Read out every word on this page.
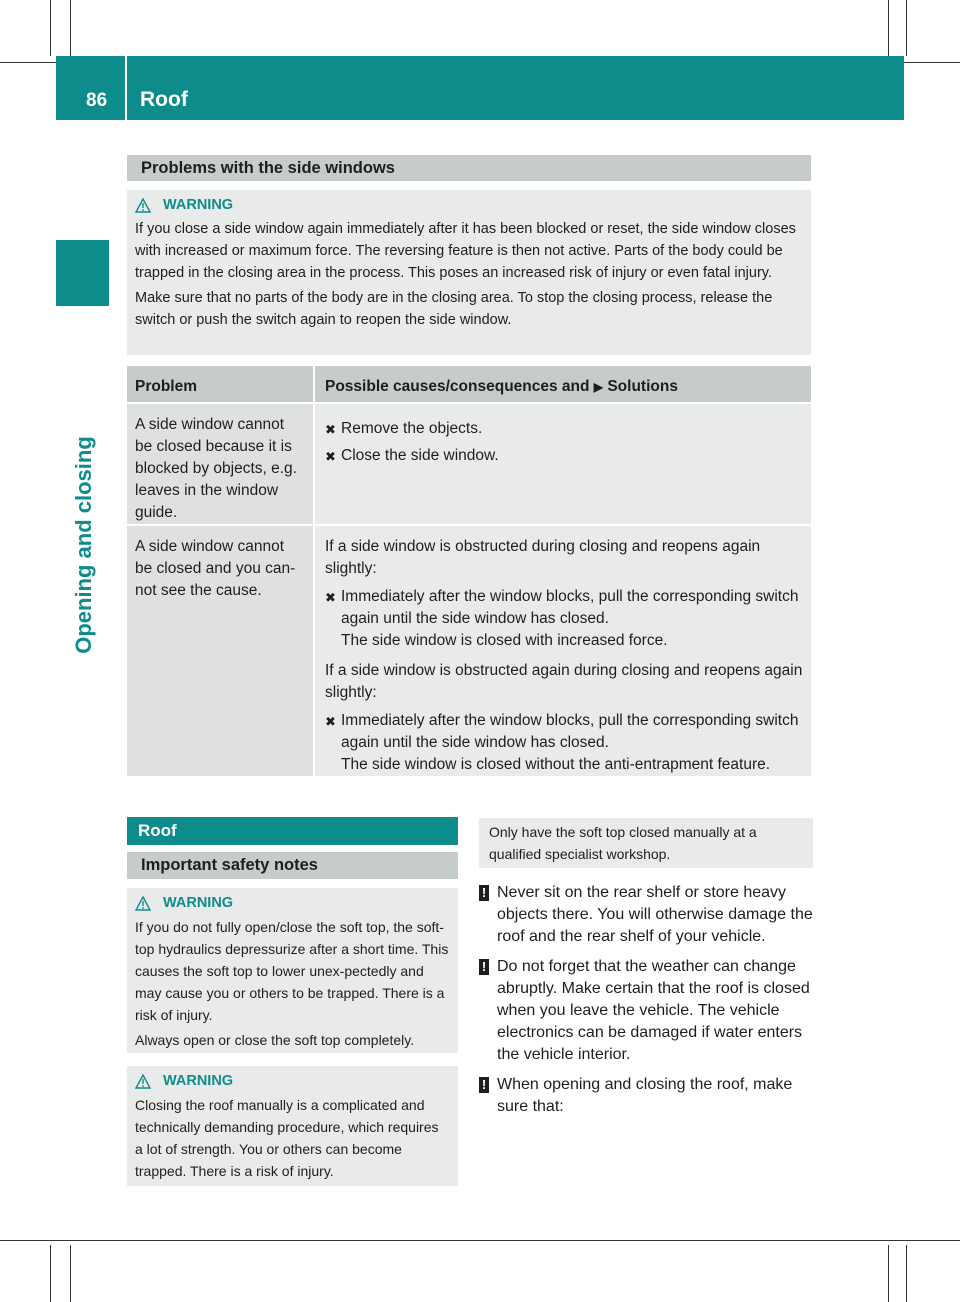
86 Roof
Opening and closing
Problems with the side windows
WARNING

If you close a side window again immediately after it has been blocked or reset, the side window closes with increased or maximum force. The reversing feature is then not active. Parts of the body could be trapped in the closing area in the process. This poses an increased risk of injury or even fatal injury.

Make sure that no parts of the body are in the closing area. To stop the closing process, release the switch or push the switch again to reopen the side window.

Problem	Possible causes/consequences and ▶ Solutions
A side window cannot be closed because it is blocked by objects, e.g. leaves in the window guide.
✖ Remove the objects.
✖ Close the side window.
A side window cannot be closed and you can-not see the cause.

If a side window is obstructed during closing and reopens again slightly:

✖ Immediately after the window blocks, pull the corresponding switch again until the side window has closed.
The side window is closed with increased force.

If a side window is obstructed again during closing and reopens again slightly:

✖ Immediately after the window blocks, pull the corresponding switch again until the side window has closed.
The side window is closed without the anti-entrapment feature.
Roof
Important safety notes
WARNING

If you do not fully open/close the soft top, the soft-top hydraulics depressurize after a short time. This causes the soft top to lower unex-pectedly and may cause you or others to be trapped. There is a risk of injury.

Always open or close the soft top completely.

WARNING

Closing the roof manually is a complicated and technically demanding procedure, which requires a lot of strength. You or others can become trapped. There is a risk of injury.

Only have the soft top closed manually at a qualified specialist workshop.
! Never sit on the rear shelf or store heavy objects there. You will otherwise damage the roof and the rear shelf of your vehicle.
! Do not forget that the weather can change abruptly. Make certain that the roof is closed when you leave the vehicle. The vehicle electronics can be damaged if water enters the vehicle interior.
! When opening and closing the roof, make sure that:
